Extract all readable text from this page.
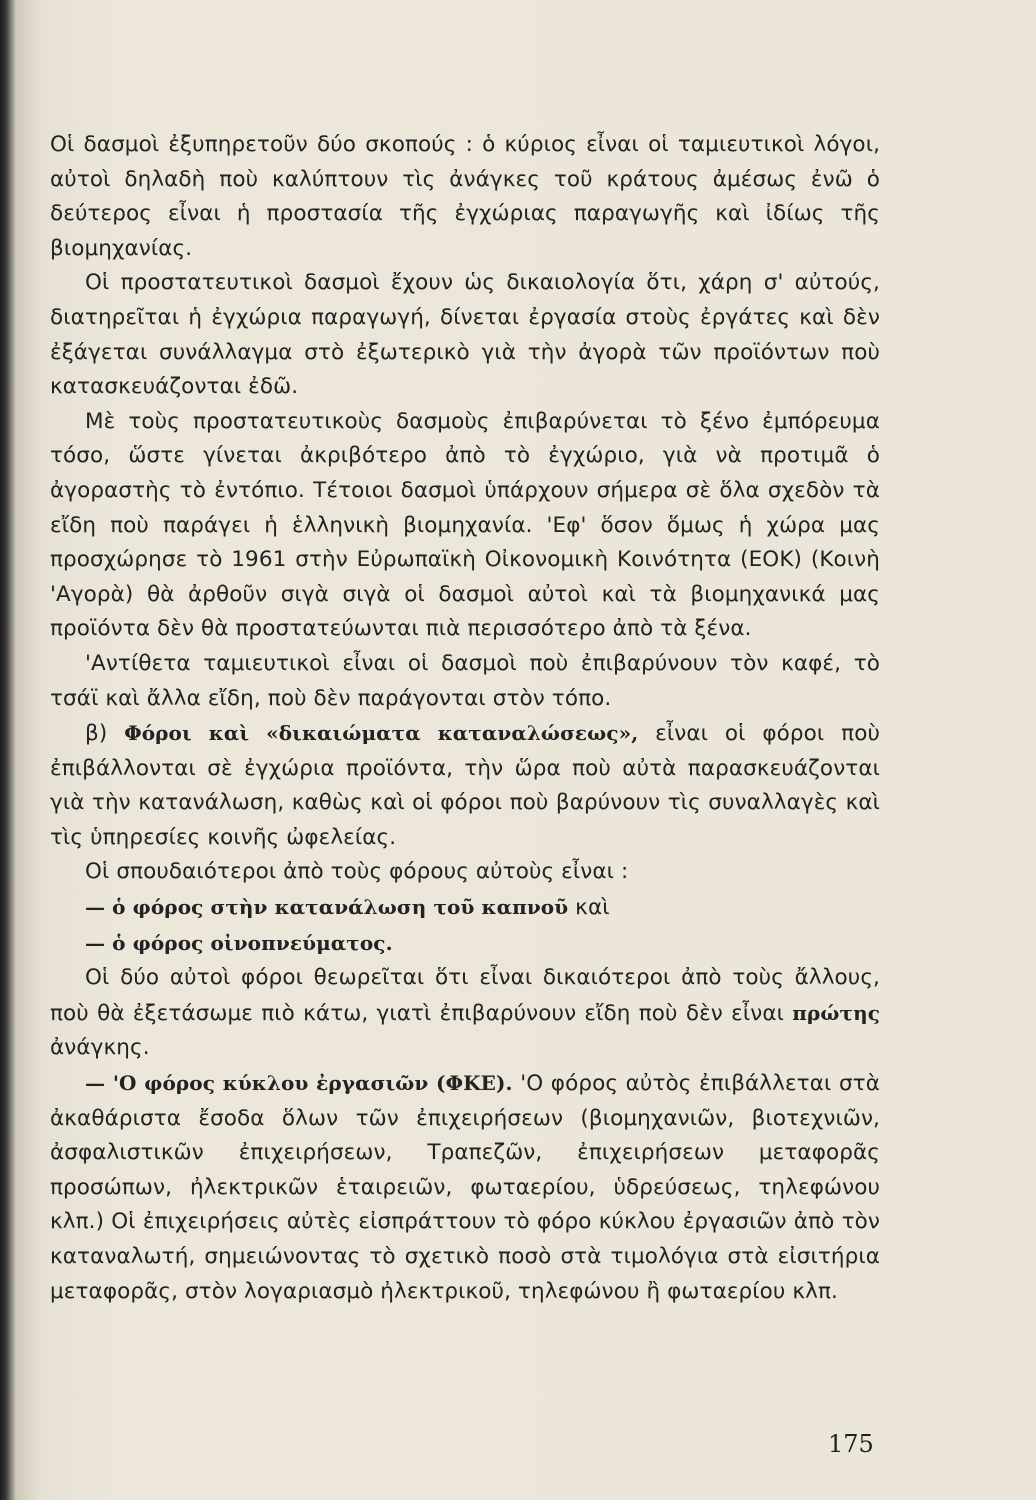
Οἱ δασμοὶ ἐξυπηρετοῦν δύο σκοπούς : ὁ κύριος εἶναι οἱ ταμιευτικοὶ λόγοι, αὐτοὶ δηλαδὴ ποὺ καλύπτουν τὶς ἀνάγκες τοῦ κράτους ἀμέσως ἐνῶ ὁ δεύτερος εἶναι ἡ προστασία τῆς ἐγχώριας παραγωγῆς καὶ ἰδίως τῆς βιομηχανίας.

Οἱ προστατευτικοὶ δασμοὶ ἔχουν ὡς δικαιολογία ὅτι, χάρη σ' αὐτούς, διατηρεῖται ἡ ἐγχώρια παραγωγή, δίνεται ἐργασία στοὺς ἐργάτες καὶ δὲν ἐξάγεται συνάλλαγμα στὸ ἐξωτερικὸ γιὰ τὴν ἀγορὰ τῶν προϊόντων ποὺ κατασκευάζονται ἐδῶ.

Μὲ τοὺς προστατευτικοὺς δασμοὺς ἐπιβαρύνεται τὸ ξένο ἐμπόρευμα τόσο, ὥστε γίνεται ἀκριβότερο ἀπὸ τὸ ἐγχώριο, γιὰ νὰ προτιμᾶ ὁ ἀγοραστὴς τὸ ἐντόπιο. Τέτοιοι δασμοὶ ὑπάρχουν σήμερα σὲ ὅλα σχεδὸν τὰ εἴδη ποὺ παράγει ἡ ἑλληνικὴ βιομηχανία. 'Εφ' ὅσον ὅμως ἡ χώρα μας προσχώρησε τὸ 1961 στὴν Εὐρωπαϊκὴ Οἰκονομικὴ Κοινότητα (ΕΟΚ) (Κοινὴ 'Αγορὰ) θὰ ἀρθοῦν σιγὰ σιγὰ οἱ δασμοὶ αὐτοὶ καὶ τὰ βιομηχανικά μας προϊόντα δὲν θὰ προστατεύωνται πιὰ περισσότερο ἀπὸ τὰ ξένα.

'Αντίθετα ταμιευτικοὶ εἶναι οἱ δασμοὶ ποὺ ἐπιβαρύνουν τὸν καφέ, τὸ τσάϊ καὶ ἄλλα εἴδη, ποὺ δὲν παράγονται στὸν τόπο.

β) Φόροι καὶ «δικαιώματα καταναλώσεως», εἶναι οἱ φόροι ποὺ ἐπιβάλλονται σὲ ἐγχώρια προϊόντα, τὴν ὥρα ποὺ αὐτὰ παρασκευάζονται γιὰ τὴν κατανάλωση, καθὼς καὶ οἱ φόροι ποὺ βαρύνουν τὶς συναλλαγὲς καὶ τὶς ὑπηρεσίες κοινῆς ὠφελείας.

Οἱ σπουδαιότεροι ἀπὸ τοὺς φόρους αὐτοὺς εἶναι :

— ὁ φόρος στὴν κατανάλωση τοῦ καπνοῦ καὶ

— ὁ φόρος οἰνοπνεύματος.

Οἱ δύο αὐτοὶ φόροι θεωρεῖται ὅτι εἶναι δικαιότεροι ἀπὸ τοὺς ἄλλους, ποὺ θὰ ἐξετάσωμε πιὸ κάτω, γιατὶ ἐπιβαρύνουν εἴδη ποὺ δὲν εἶναι πρώτης ἀνάγκης.

— 'Ο φόρος κύκλου ἐργασιῶν (ΦΚΕ). 'Ο φόρος αὐτὸς ἐπιβάλλεται στὰ ἀκαθάριστα ἔσοδα ὅλων τῶν ἐπιχειρήσεων (βιομηχανιῶν, βιοτεχνιῶν, ἀσφαλιστικῶν ἐπιχειρήσεων, Τραπεζῶν, ἐπιχειρήσεων μεταφορᾶς προσώπων, ἠλεκτρικῶν ἑταιρειῶν, φωταερίου, ὑδρεύσεως, τηλεφώνου κλπ.) Οἱ ἐπιχειρήσεις αὐτὲς εἰσπράττουν τὸ φόρο κύκλου ἐργασιῶν ἀπὸ τὸν καταναλωτή, σημειώνοντας τὸ σχετικὸ ποσὸ στὰ τιμολόγια στὰ εἰσιτήρια μεταφορᾶς, στὸν λογαριασμὸ ἠλεκτρικοῦ, τηλεφώνου ἢ φωταερίου κλπ.

175
